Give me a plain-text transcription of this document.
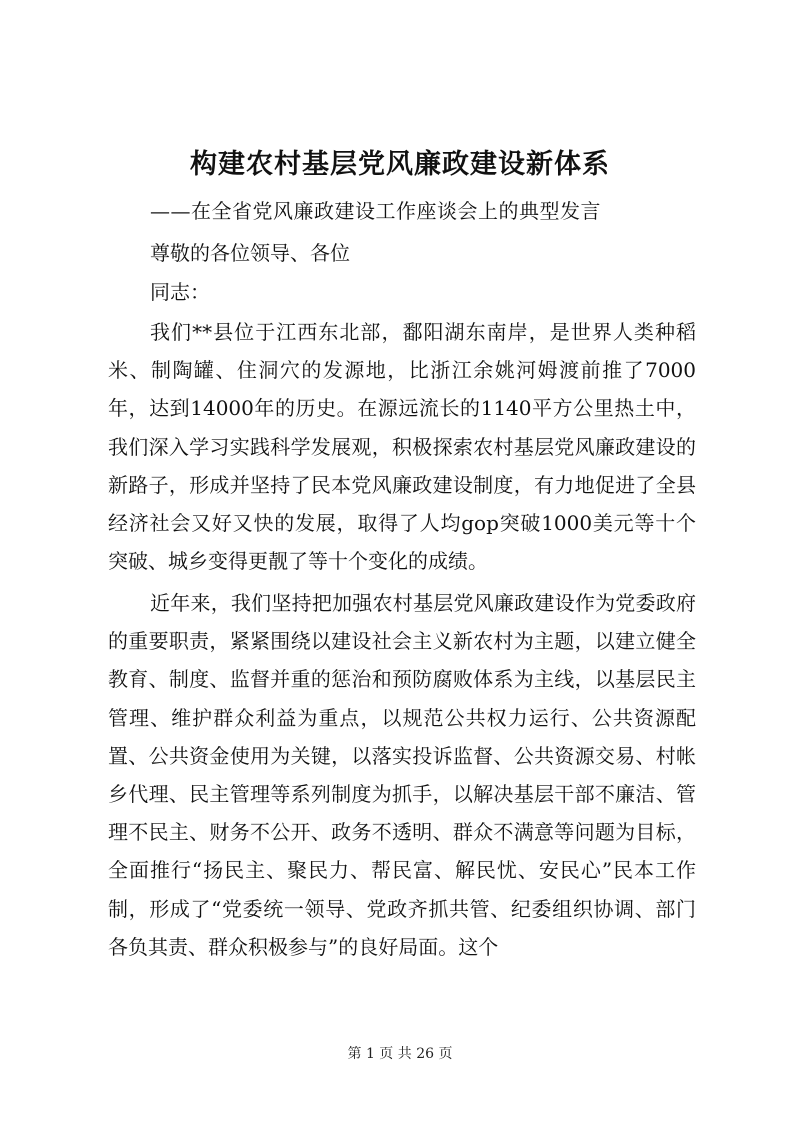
构建农村基层党风廉政建设新体系
——在全省党风廉政建设工作座谈会上的典型发言
尊敬的各位领导、各位
同志：

我们**县位于江西东北部，鄱阳湖东南岸，是世界人类种稻米、制陶罐、住洞穴的发源地，比浙江余姚河姆渡前推了7000年，达到14000年的历史。在源远流长的1140平方公里热土中，我们深入学习实践科学发展观，积极探索农村基层党风廉政建设的新路子，形成并坚持了民本党风廉政建设制度，有力地促进了全县经济社会又好又快的发展，取得了人均gop突破1000美元等十个突破、城乡变得更靓了等十个变化的成绩。

近年来，我们坚持把加强农村基层党风廉政建设作为党委政府的重要职责，紧紧围绕以建设社会主义新农村为主题，以建立健全教育、制度、监督并重的惩治和预防腐败体系为主线，以基层民主管理、维护群众利益为重点，以规范公共权力运行、公共资源配置、公共资金使用为关键，以落实投诉监督、公共资源交易、村帐乡代理、民主管理等系列制度为抓手，以解决基层干部不廉洁、管理不民主、财务不公开、政务不透明、群众不满意等问题为目标，全面推行“扬民主、聚民力、帮民富、解民忧、安民心”民本工作制，形成了“党委统一领导、党政齐抓共管、纪委组织协调、部门各负其责、群众积极参与”的良好局面。这个

第 1 页 共 26 页
